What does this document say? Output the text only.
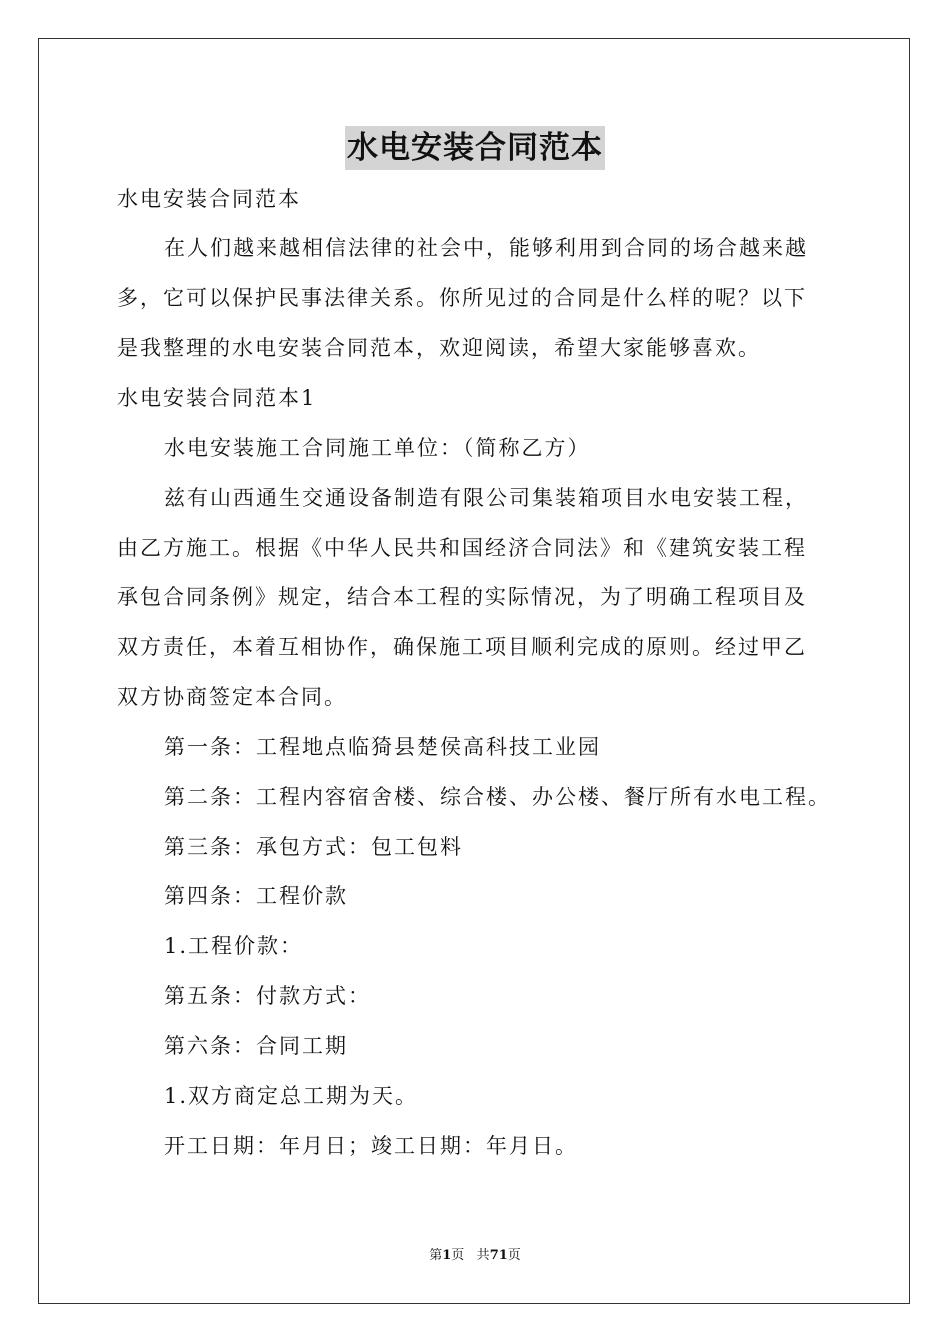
水电安装合同范本
水电安装合同范本
在人们越来越相信法律的社会中，能够利用到合同的场合越来越
多，它可以保护民事法律关系。你所见过的合同是什么样的呢？以下
是我整理的水电安装合同范本，欢迎阅读，希望大家能够喜欢。
水电安装合同范本1
水电安装施工合同施工单位：（简称乙方）
兹有山西通生交通设备制造有限公司集装箱项目水电安装工程，
由乙方施工。根据《中华人民共和国经济合同法》和《建筑安装工程
承包合同条例》规定，结合本工程的实际情况，为了明确工程项目及
双方责任，本着互相协作，确保施工项目顺利完成的原则。经过甲乙
双方协商签定本合同。
第一条：工程地点临猗县楚侯高科技工业园
第二条：工程内容宿舍楼、综合楼、办公楼、餐厅所有水电工程。
第三条：承包方式：包工包料
第四条：工程价款
1.工程价款：
第五条：付款方式：
第六条：合同工期
1.双方商定总工期为天。
开工日期：年月日；竣工日期：年月日。
第1页 共71页
